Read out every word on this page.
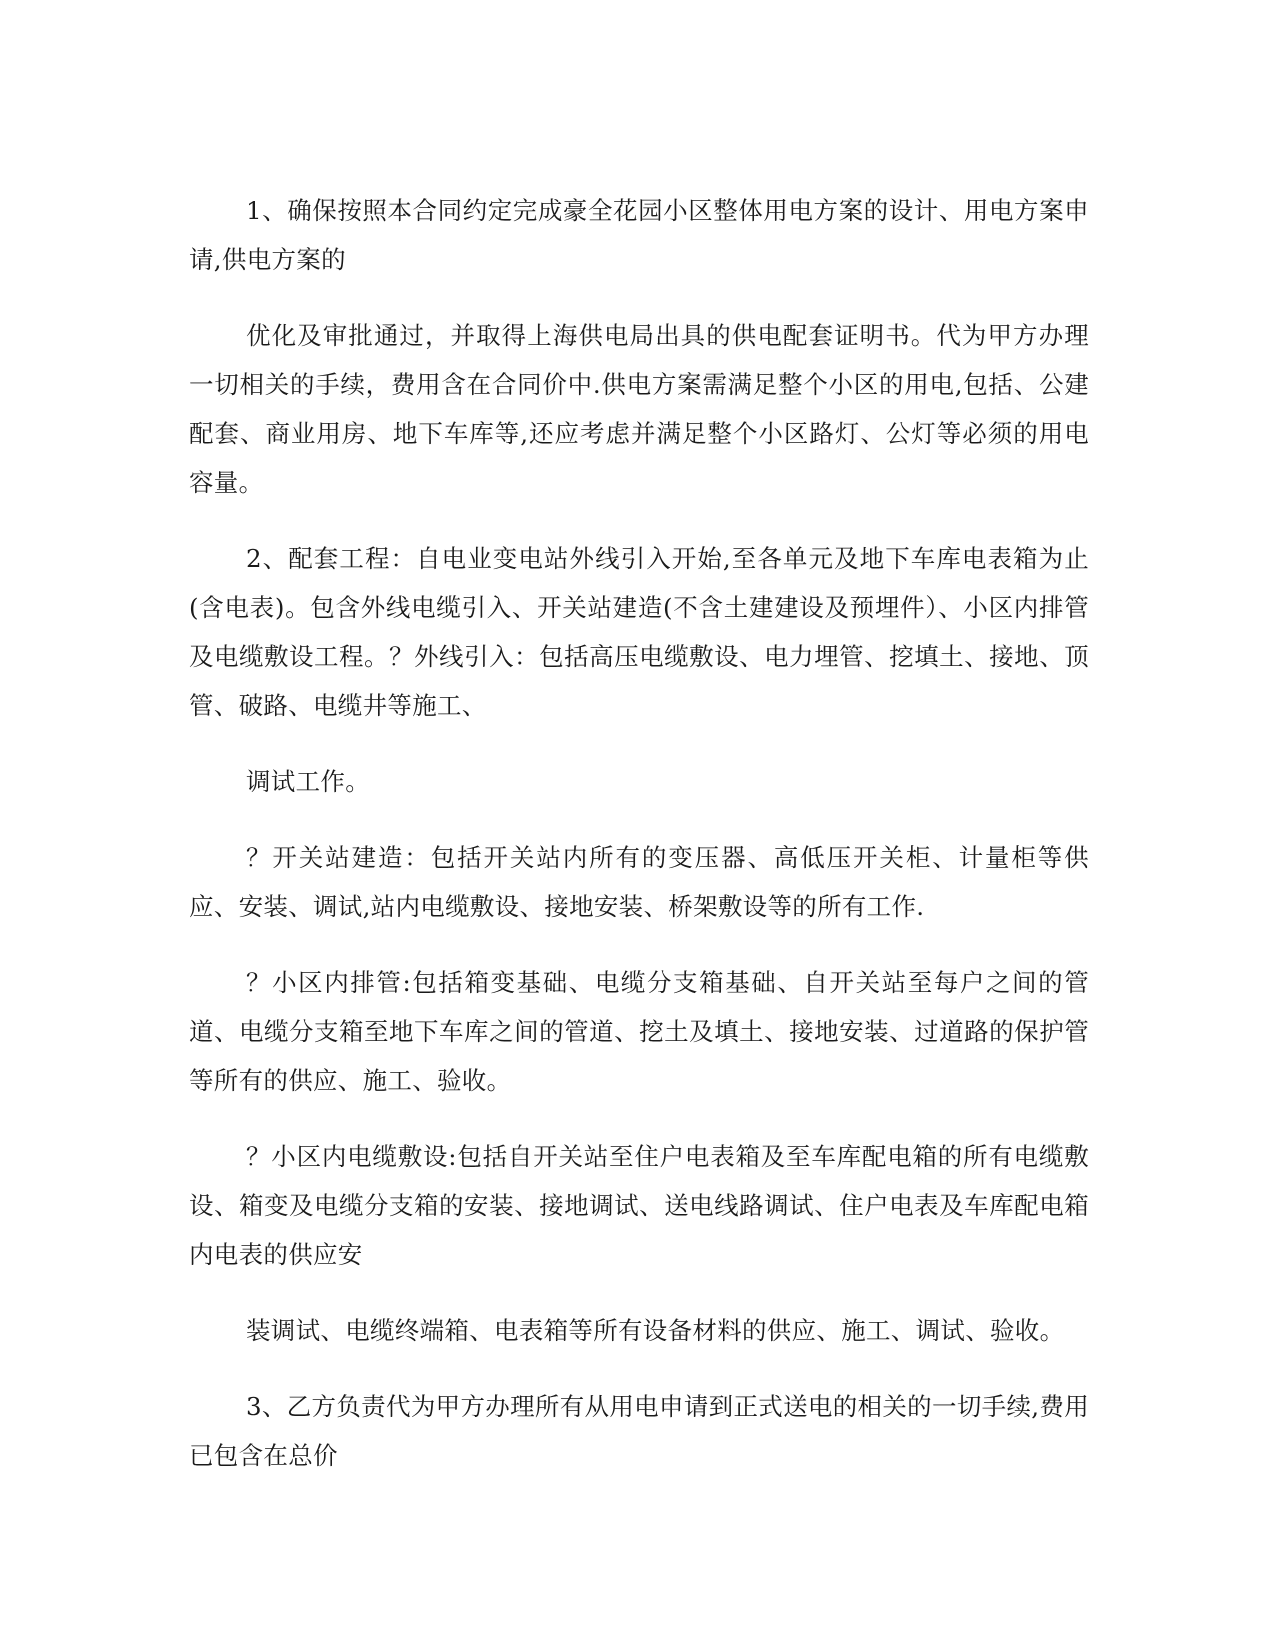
1、确保按照本合同约定完成豪全花园小区整体用电方案的设计、用电方案申请,供电方案的

优化及审批通过，并取得上海供电局出具的供电配套证明书。代为甲方办理一切相关的手续，费用含在合同价中.供电方案需满足整个小区的用电,包括、公建配套、商业用房、地下车库等,还应考虑并满足整个小区路灯、公灯等必须的用电容量。

2、配套工程：自电业变电站外线引入开始,至各单元及地下车库电表箱为止(含电表)。包含外线电缆引入、开关站建造(不含土建建设及预埋件）、小区内排管及电缆敷设工程。？外线引入：包括高压电缆敷设、电力埋管、挖填土、接地、顶管、破路、电缆井等施工、

调试工作。

？开关站建造：包括开关站内所有的变压器、高低压开关柜、计量柜等供应、安装、调试,站内电缆敷设、接地安装、桥架敷设等的所有工作.

？小区内排管:包括箱变基础、电缆分支箱基础、自开关站至每户之间的管道、电缆分支箱至地下车库之间的管道、挖土及填土、接地安装、过道路的保护管等所有的供应、施工、验收。

？小区内电缆敷设:包括自开关站至住户电表箱及至车库配电箱的所有电缆敷设、箱变及电缆分支箱的安装、接地调试、送电线路调试、住户电表及车库配电箱内电表的供应安

装调试、电缆终端箱、电表箱等所有设备材料的供应、施工、调试、验收。

3、乙方负责代为甲方办理所有从用电申请到正式送电的相关的一切手续,费用已包含在总价
